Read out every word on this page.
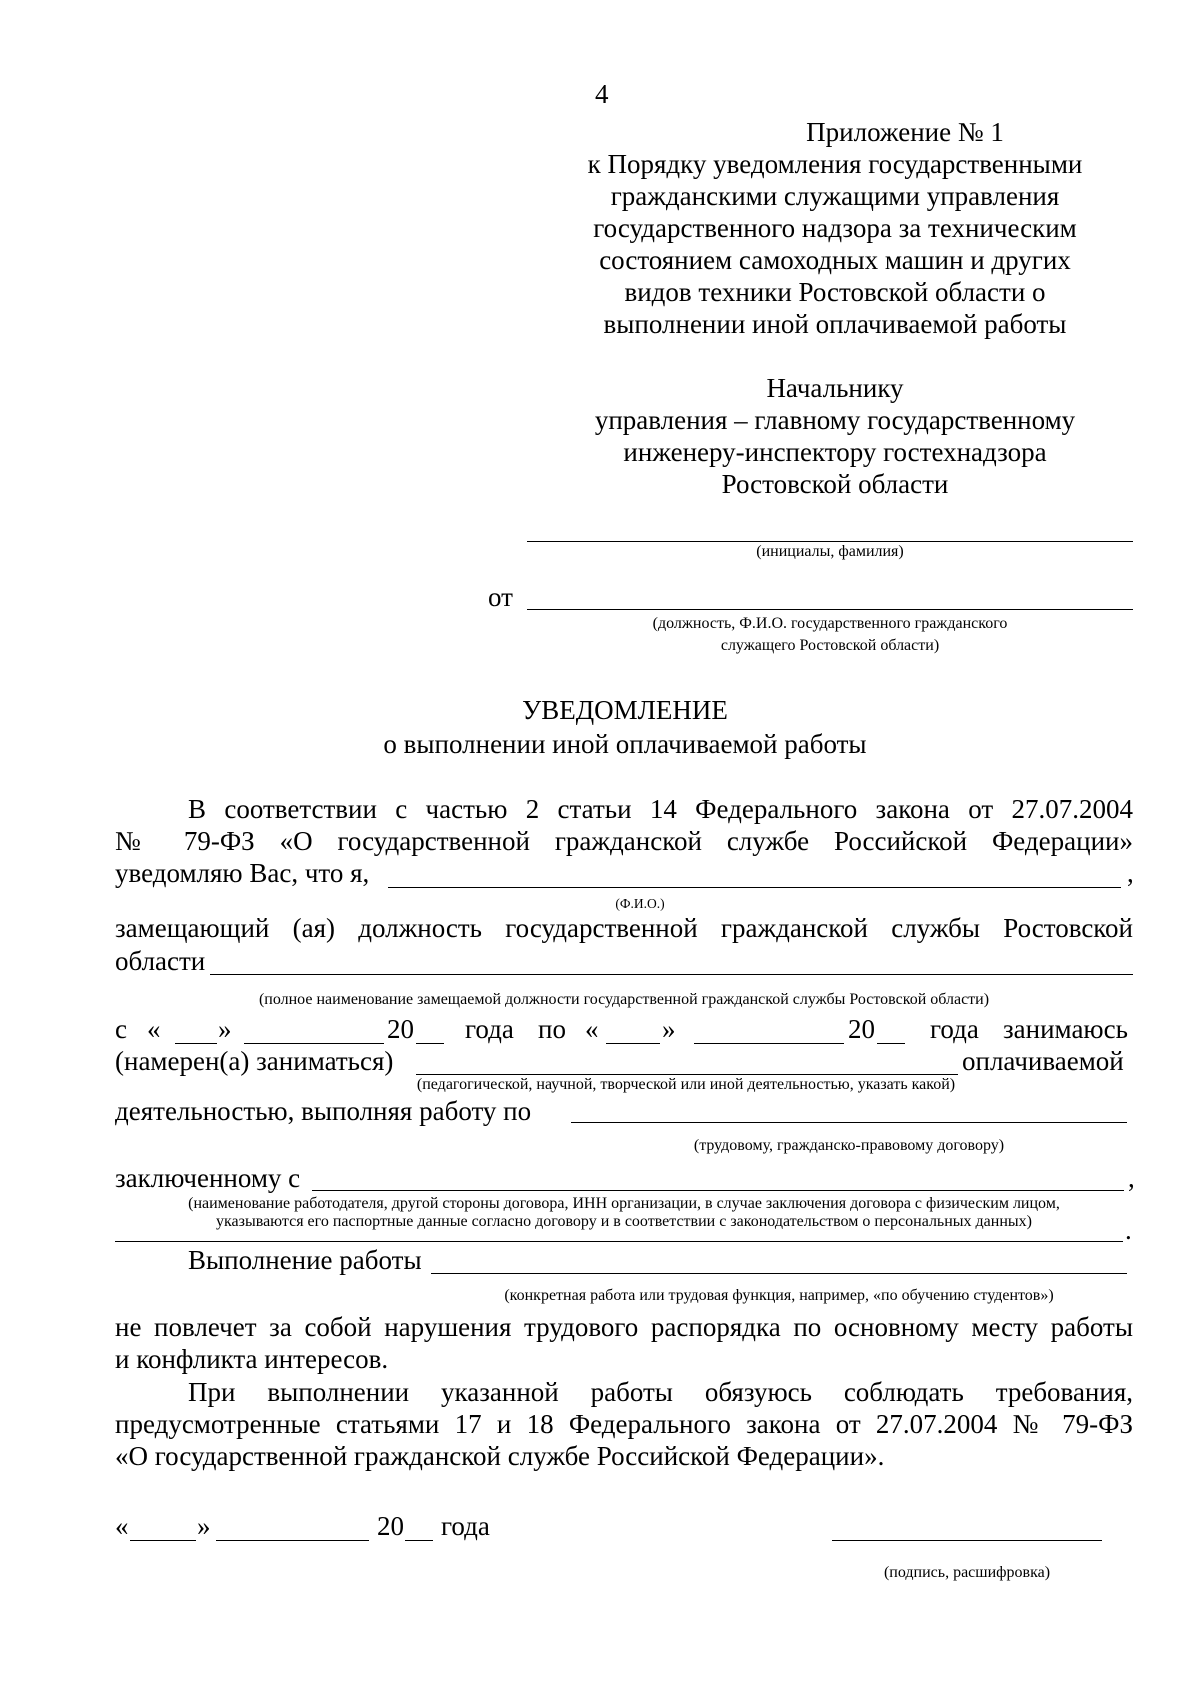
4
Приложение № 1
к Порядку уведомления государственными
гражданскими служащими управления
государственного надзора за техническим
состоянием самоходных машин и других
видов техники Ростовской области о
выполнении иной оплачиваемой работы
Начальнику
управления – главному государственному
инженеру-инспектору гостехнадзора
Ростовской области
(инициалы, фамилия)
от
(должность, Ф.И.О. государственного гражданского
служащего Ростовской области)
УВЕДОМЛЕНИЕ
о выполнении иной оплачиваемой работы
В соответствии с частью 2 статьи 14 Федерального закона от 27.07.2004
№ 79-ФЗ «О государственной гражданской службе Российской Федерации»
уведомляю Вас, что я,	,
(Ф.И.О.)
замещающий (ая) должность государственной гражданской службы Ростовской
области
(полное наименование замещаемой должности государственной гражданской службы Ростовской области)
с « »	20 года по « »	20 года занимаюсь
(намерен(а) заниматься)	оплачиваемой
(педагогической, научной, творческой или иной деятельностью, указать какой)
деятельностью, выполняя работу по
(трудовому, гражданско-правовому договору)
заключенному с	,
(наименование работодателя, другой стороны договора, ИНН организации, в случае заключения договора с физическим лицом,
указываются его паспортные данные согласно договору и в соответствии с законодательством о персональных данных)	.
Выполнение работы
(конкретная работа или трудовая функция, например, «по обучению студентов»)
не повлечет за собой нарушения трудового распорядка по основному месту работы
и конфликта интересов.
При выполнении указанной работы обязуюсь соблюдать требования,
предусмотренные статьями 17 и 18 Федерального закона от 27.07.2004 № 79-ФЗ
«О государственной гражданской службе Российской Федерации».
«	»	20 года
(подпись, расшифровка)
